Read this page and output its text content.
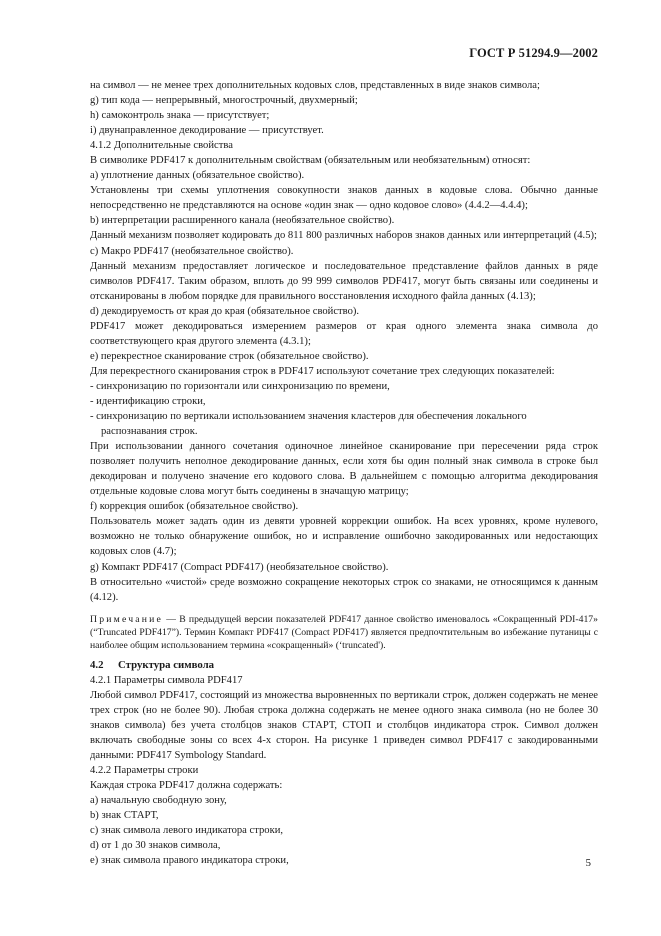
ГОСТ Р 51294.9—2002

на символ — не менее трех дополнительных кодовых слов, представленных в виде знаков символа;

g) тип кода — непрерывный, многострочный, двухмерный;

h) самоконтроль знака — присутствует;

i) двунаправленное декодирование — присутствует.

4.1.2 Дополнительные свойства

В символике PDF417 к дополнительным свойствам (обязательным или необязательным) относят:

а) уплотнение данных (обязательное свойство).

Установлены три схемы уплотнения совокупности знаков данных в кодовые слова. Обычно данные непосредственно не представляются на основе «один знак — одно кодовое слово» (4.4.2—4.4.4);

b) интерпретации расширенного канала (необязательное свойство).

Данный механизм позволяет кодировать до 811 800 различных наборов знаков данных или интерпретаций (4.5);

с) Макро PDF417 (необязательное свойство).

Данный механизм предоставляет логическое и последовательное представление файлов данных в ряде символов PDF417. Таким образом, вплоть до 99 999 символов PDF417, могут быть связаны или соединены и отсканированы в любом порядке для правильного восстановления исходного файла данных (4.13);

d) декодируемость от края до края (обязательное свойство).

PDF417 может декодироваться измерением размеров от края одного элемента знака символа до соответствующего края другого элемента (4.3.1);

е) перекрестное сканирование строк (обязательное свойство).

Для перекрестного сканирования строк в PDF417 используют сочетание трех следующих показателей:

- синхронизацию по горизонтали или синхронизацию по времени,

- идентификацию строки,

- синхронизацию по вертикали использованием значения кластеров для обеспечения локального

распознавания строк.

При использовании данного сочетания одиночное линейное сканирование при пересечении ряда строк позволяет получить неполное декодирование данных, если хотя бы один полный знак символа в строке был декодирован и получено значение его кодового слова. В дальнейшем с помощью алгоритма декодирования отдельные кодовые слова могут быть соединены в значащую матрицу;

f) коррекция ошибок (обязательное свойство).

Пользователь может задать один из девяти уровней коррекции ошибок. На всех уровнях, кроме нулевого, возможно не только обнаружение ошибок, но и исправление ошибочно закодированных или недостающих кодовых слов (4.7);

g) Компакт PDF417 (Compact PDF417) (необязательное свойство).

В относительно «чистой» среде возможно сокращение некоторых строк со знаками, не относящимся к данным (4.12).

Примечание — В предыдущей версии показателей PDF417 данное свойство именовалось «Сокращенный PDI-417» (“Truncated PDF417”). Термин Компакт PDF417 (Compact PDF417) является предпочтительным во избежание путаницы с наиболее общим использованием термина «сокращенный» (‘truncated').

4.2 Структура символа

4.2.1 Параметры символа PDF417

Любой символ PDF417, состоящий из множества выровненных по вертикали строк, должен содержать не менее трех строк (но не более 90). Любая строка должна содержать не менее одного знака символа (но не более 30 знаков символа) без учета столбцов знаков СТАРТ, СТОП и столбцов индикатора строк. Символ должен включать свободные зоны со всех 4-х сторон. На рисунке 1 приведен символ PDF417 с закодированными данными: PDF417 Symbology Standard.

4.2.2 Параметры строки

Каждая строка PDF417 должна содержать:

а) начальную свободную зону,

b) знак СТАРТ,

с) знак символа левого индикатора строки,

d) от 1 до 30 знаков символа,

е) знак символа правого индикатора строки,	5
